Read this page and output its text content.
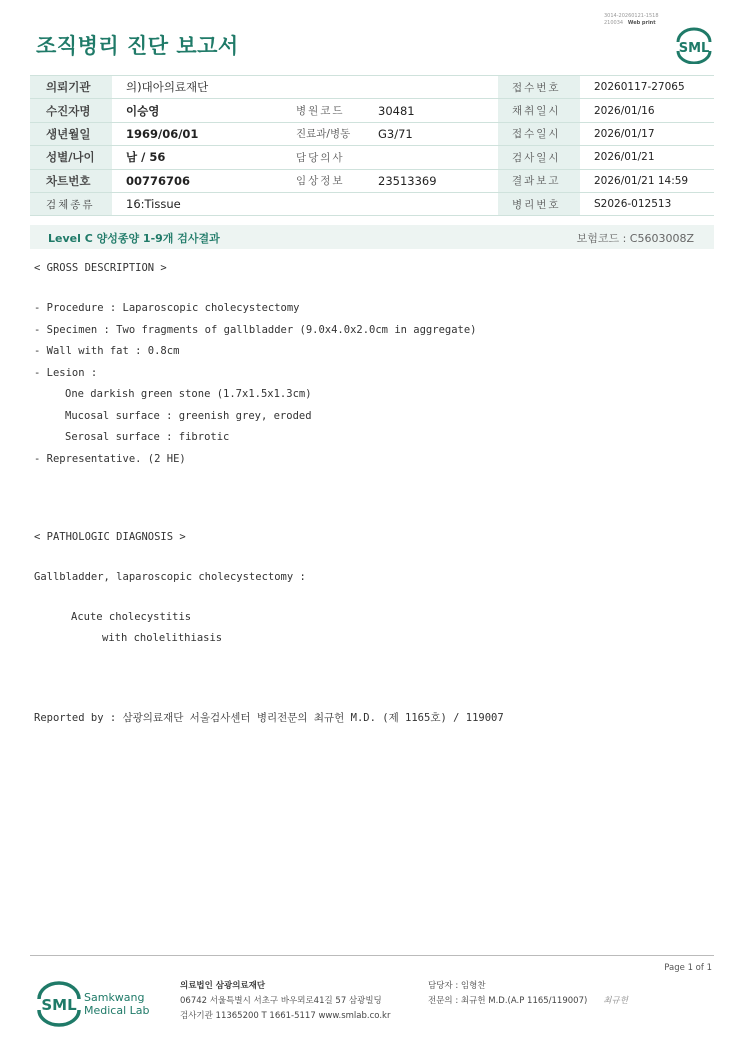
3014-20260121-1518
210034 Web print
조직병리 진단 보고서	SML
의뢰기관	의)대아의료재단			접수번호	20260117-27065
수진자명	이승영	병원코드	30481	채취일시	2026/01/16
생년월일	1969/06/01	진료과/병동	G3/71	접수일시	2026/01/17
성별/나이	남 / 56	담당의사		검사일시	2026/01/21
차트번호	00776706	임상정보	23513369	결과보고	2026/01/21 14:59
검체종류	16:Tissue			병리번호	S2026-012513
Level C 양성종양 1-9개 검사결과	보험코드 : C5603008Z
< GROSS DESCRIPTION >
- Procedure : Laparoscopic cholecystectomy
- Specimen : Two fragments of gallbladder (9.0x4.0x2.0cm in aggregate)
- Wall with fat : 0.8cm
- Lesion :
One darkish green stone (1.7x1.5x1.3cm)
Mucosal surface : greenish grey, eroded
Serosal surface : fibrotic
- Representative. (2 HE)
< PATHOLOGIC DIAGNOSIS >
Gallbladder, laparoscopic cholecystectomy :
Acute cholecystitis
with cholelithiasis
Reported by : 삼광의료재단 서울검사센터 병리전문의 최규헌 M.D. (제 1165호) / 119007
Page 1 of 1
SML Samkwang
Medical Lab
의료법인 삼광의료재단
06742 서울특별시 서초구 바우뫼로41길 57 삼광빌딩
검사기관 11365200 T 1661-5117 www.smlab.co.kr
담당자 : 임형찬
전문의 : 최규헌 M.D.(A.P 1165/119007) 최규헌
